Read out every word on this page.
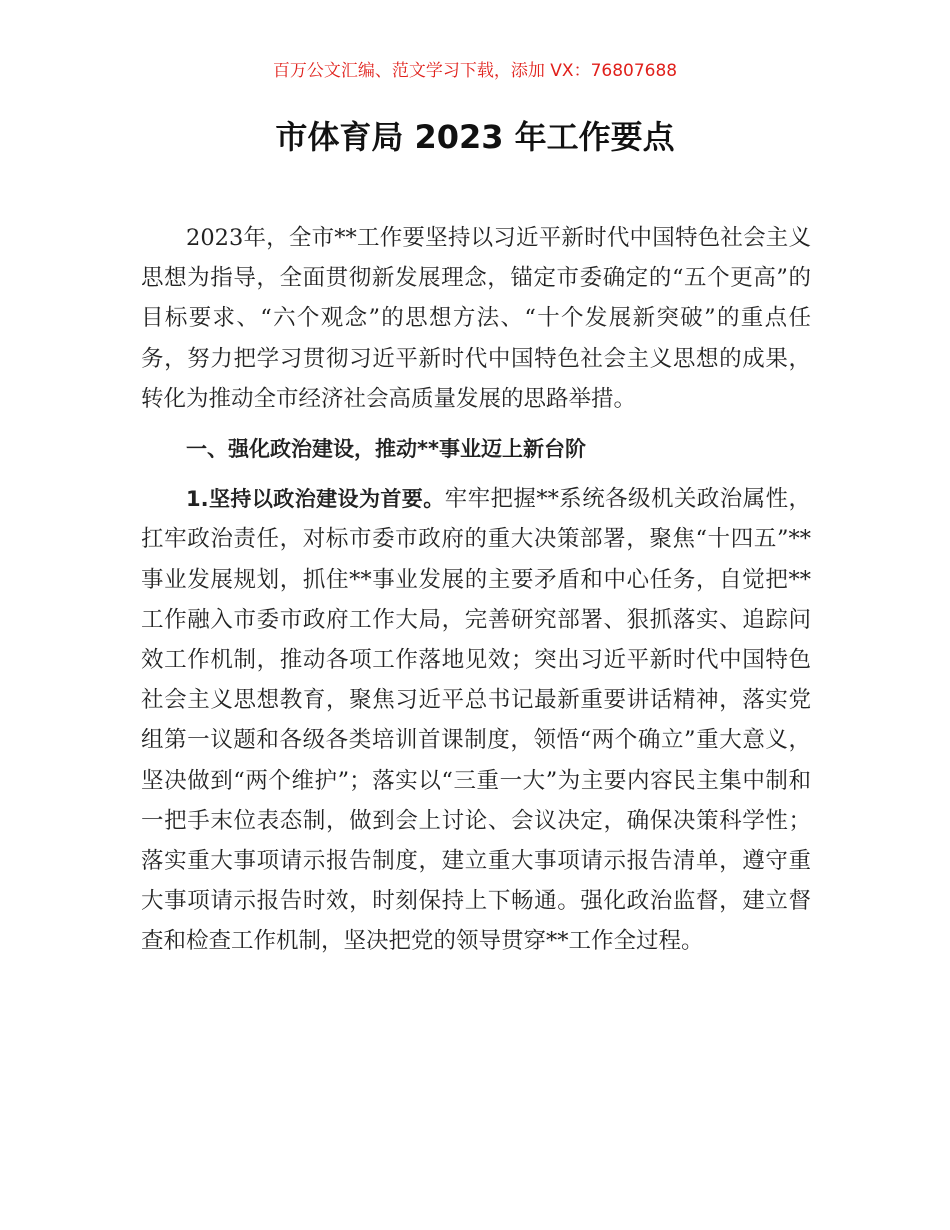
百万公文汇编、范文学习下载，添加 VX：76807688
市体育局 2023 年工作要点

2023年，全市**工作要坚持以习近平新时代中国特色社会主义思想为指导，全面贯彻新发展理念，锚定市委确定的“五个更高”的目标要求、“六个观念”的思想方法、“十个发展新突破”的重点任务，努力把学习贯彻习近平新时代中国特色社会主义思想的成果，转化为推动全市经济社会高质量发展的思路举措。

一、强化政治建设，推动**事业迈上新台阶

1.坚持以政治建设为首要。牢牢把握**系统各级机关政治属性，扛牢政治责任，对标市委市政府的重大决策部署，聚焦“十四五”**事业发展规划，抓住**事业发展的主要矛盾和中心任务，自觉把**工作融入市委市政府工作大局，完善研究部署、狠抓落实、追踪问效工作机制，推动各项工作落地见效；突出习近平新时代中国特色社会主义思想教育，聚焦习近平总书记最新重要讲话精神，落实党组第一议题和各级各类培训首课制度，领悟“两个确立”重大意义，坚决做到“两个维护”；落实以“三重一大”为主要内容民主集中制和一把手末位表态制，做到会上讨论、会议决定，确保决策科学性；落实重大事项请示报告制度，建立重大事项请示报告清单，遵守重大事项请示报告时效，时刻保持上下畅通。强化政治监督，建立督查和检查工作机制，坚决把党的领导贯穿**工作全过程。
